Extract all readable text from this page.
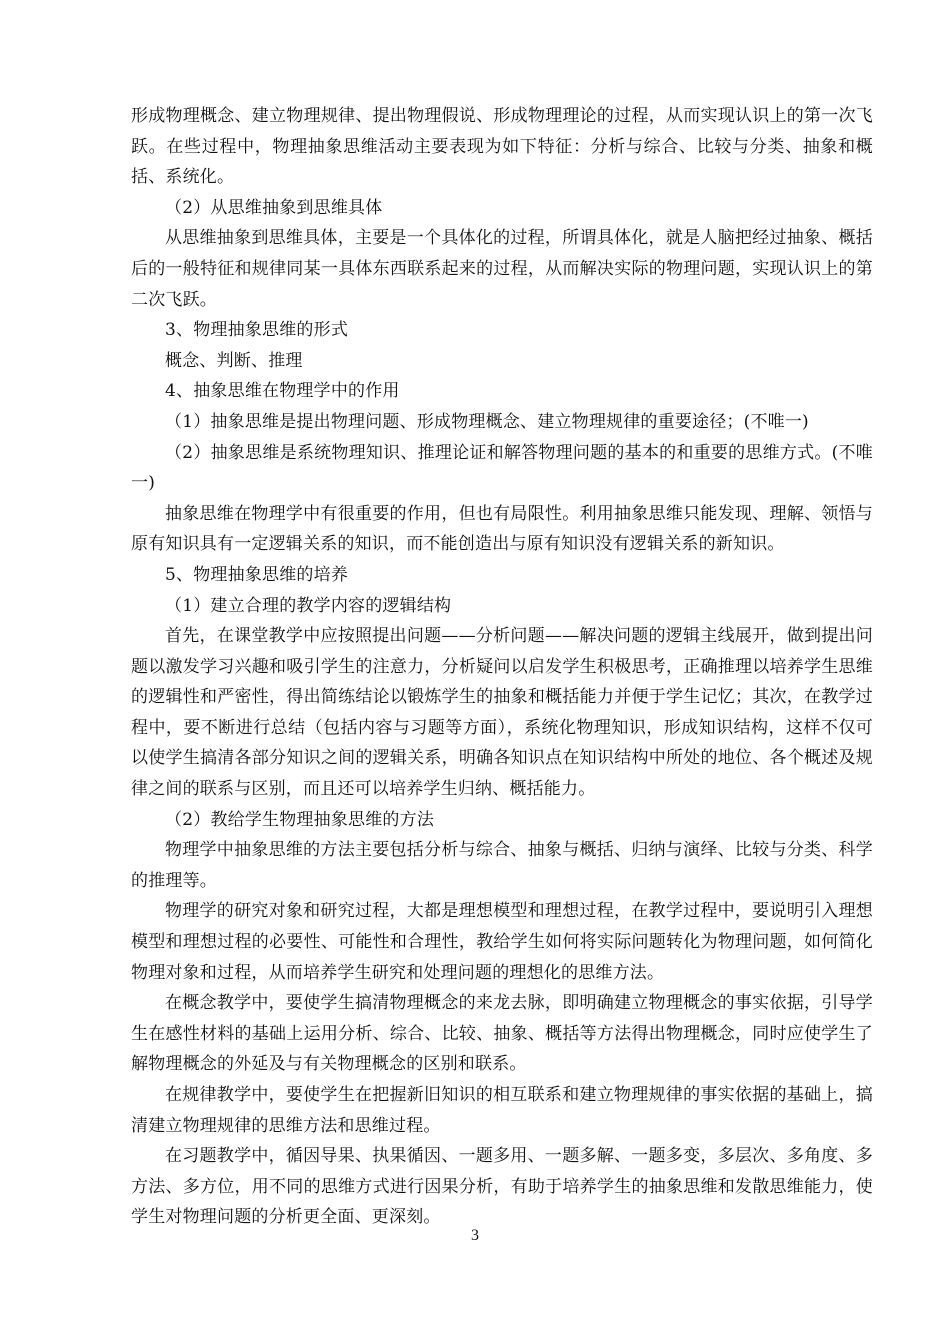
形成物理概念、建立物理规律、提出物理假说、形成物理理论的过程，从而实现认识上的第一次飞跃。在些过程中，物理抽象思维活动主要表现为如下特征：分析与综合、比较与分类、抽象和概括、系统化。

（2）从思维抽象到思维具体

从思维抽象到思维具体，主要是一个具体化的过程，所谓具体化，就是人脑把经过抽象、概括后的一般特征和规律同某一具体东西联系起来的过程，从而解决实际的物理问题，实现认识上的第二次飞跃。

3、物理抽象思维的形式

概念、判断、推理

4、抽象思维在物理学中的作用

（1）抽象思维是提出物理问题、形成物理概念、建立物理规律的重要途径；(不唯一)

（2）抽象思维是系统物理知识、推理论证和解答物理问题的基本的和重要的思维方式。(不唯一)

抽象思维在物理学中有很重要的作用，但也有局限性。利用抽象思维只能发现、理解、领悟与原有知识具有一定逻辑关系的知识，而不能创造出与原有知识没有逻辑关系的新知识。

5、物理抽象思维的培养

（1）建立合理的教学内容的逻辑结构

首先，在课堂教学中应按照提出问题——分析问题——解决问题的逻辑主线展开，做到提出问题以激发学习兴趣和吸引学生的注意力，分析疑问以启发学生积极思考，正确推理以培养学生思维的逻辑性和严密性，得出简练结论以锻炼学生的抽象和概括能力并便于学生记忆；其次，在教学过程中，要不断进行总结（包括内容与习题等方面），系统化物理知识，形成知识结构，这样不仅可以使学生搞清各部分知识之间的逻辑关系，明确各知识点在知识结构中所处的地位、各个概述及规律之间的联系与区别，而且还可以培养学生归纳、概括能力。

（2）教给学生物理抽象思维的方法

物理学中抽象思维的方法主要包括分析与综合、抽象与概括、归纳与演绎、比较与分类、科学的推理等。

物理学的研究对象和研究过程，大都是理想模型和理想过程，在教学过程中，要说明引入理想模型和理想过程的必要性、可能性和合理性，教给学生如何将实际问题转化为物理问题，如何简化物理对象和过程，从而培养学生研究和处理问题的理想化的思维方法。

在概念教学中，要使学生搞清物理概念的来龙去脉，即明确建立物理概念的事实依据，引导学生在感性材料的基础上运用分析、综合、比较、抽象、概括等方法得出物理概念，同时应使学生了解物理概念的外延及与有关物理概念的区别和联系。

在规律教学中，要使学生在把握新旧知识的相互联系和建立物理规律的事实依据的基础上，搞清建立物理规律的思维方法和思维过程。

在习题教学中，循因导果、执果循因、一题多用、一题多解、一题多变，多层次、多角度、多方法、多方位，用不同的思维方式进行因果分析，有助于培养学生的抽象思维和发散思维能力，使学生对物理问题的分析更全面、更深刻。

3
